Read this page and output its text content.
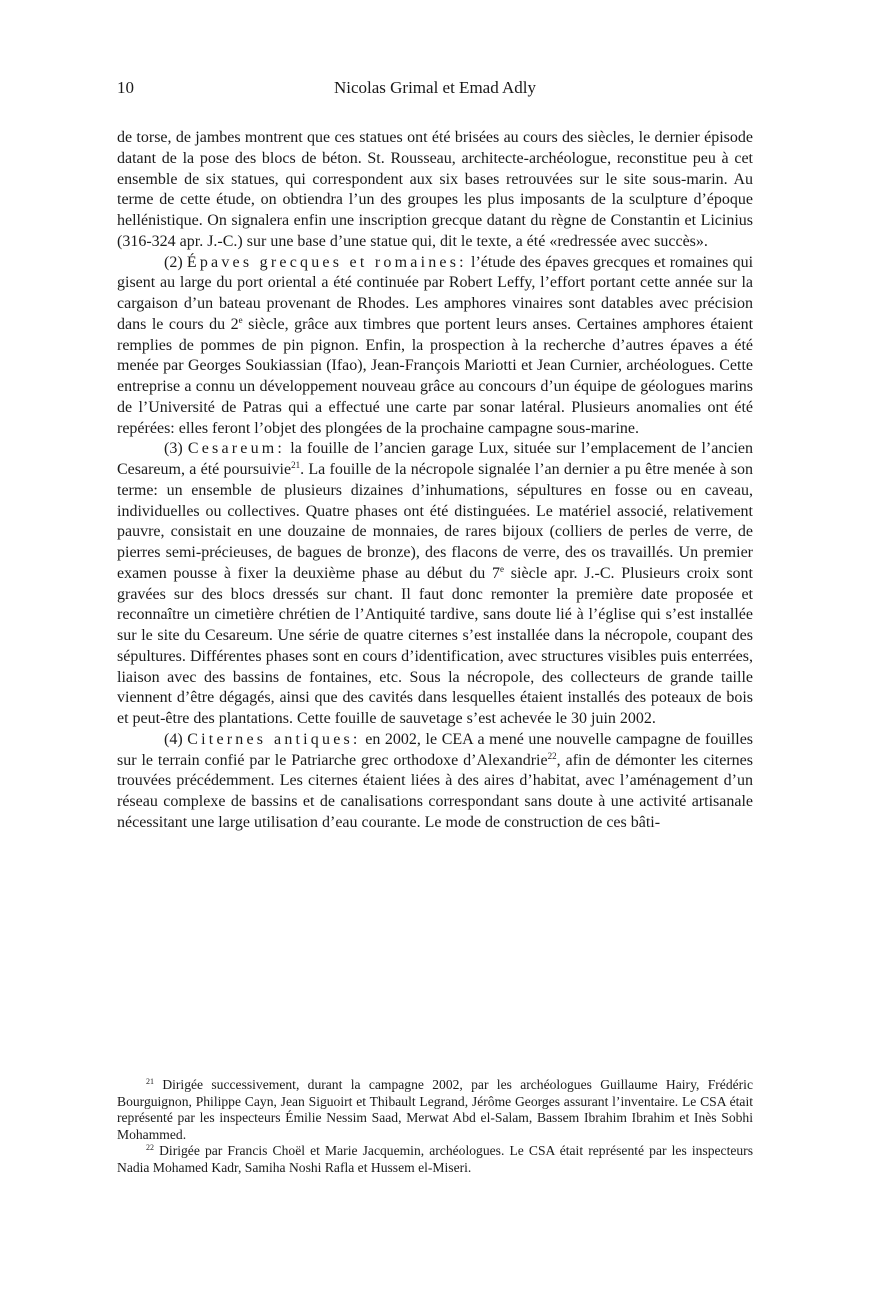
10	Nicolas Grimal et Emad Adly

de torse, de jambes montrent que ces statues ont été brisées au cours des siècles, le dernier épisode datant de la pose des blocs de béton. St. Rousseau, architecte-archéologue, reconstitue peu à cet ensemble de six statues, qui correspondent aux six bases retrouvées sur le site sous-marin. Au terme de cette étude, on obtiendra l’un des groupes les plus imposants de la sculpture d’époque hellénistique. On signalera enfin une inscription grecque datant du règne de Constantin et Licinius (316-324 apr. J.-C.) sur une base d’une statue qui, dit le texte, a été «redressée avec succès».

(2) Épaves grecques et romaines: l’étude des épaves grecques et romaines qui gisent au large du port oriental a été continuée par Robert Leffy, l’effort portant cette année sur la cargaison d’un bateau provenant de Rhodes. Les amphores vinaires sont datables avec précision dans le cours du 2e siècle, grâce aux timbres que portent leurs anses. Certaines amphores étaient remplies de pommes de pin pignon. Enfin, la prospection à la recherche d’autres épaves a été menée par Georges Soukiassian (Ifao), Jean-François Mariotti et Jean Curnier, archéologues. Cette entreprise a connu un développement nouveau grâce au concours d’un équipe de géologues marins de l’Université de Patras qui a effectué une carte par sonar latéral. Plusieurs anomalies ont été repérées: elles feront l’objet des plongées de la prochaine campagne sous-marine.

(3) Cesareum: la fouille de l’ancien garage Lux, située sur l’emplacement de l’ancien Cesareum, a été poursuivie$^{21}$. La fouille de la nécropole signalée l’an dernier a pu être menée à son terme: un ensemble de plusieurs dizaines d’inhumations, sépultures en fosse ou en caveau, individuelles ou collectives. Quatre phases ont été distinguées. Le matériel associé, relativement pauvre, consistait en une douzaine de monnaies, de rares bijoux (colliers de perles de verre, de pierres semi-précieuses, de bagues de bronze), des flacons de verre, des os travaillés. Un premier examen pousse à fixer la deuxième phase au début du 7e siècle apr. J.-C. Plusieurs croix sont gravées sur des blocs dressés sur chant. Il faut donc remonter la première date proposée et reconnaître un cimetière chrétien de l’Antiquité tardive, sans doute lié à l’église qui s’est installée sur le site du Cesareum. Une série de quatre citernes s’est installée dans la nécropole, coupant des sépultures. Différentes phases sont en cours d’identification, avec structures visibles puis enterrées, liaison avec des bassins de fontaines, etc. Sous la nécropole, des collecteurs de grande taille viennent d’être dégagés, ainsi que des cavités dans lesquelles étaient installés des poteaux de bois et peut-être des plantations. Cette fouille de sauvetage s’est achevée le 30 juin 2002.

(4) Citernes antiques: en 2002, le CEA a mené une nouvelle campagne de fouilles sur le terrain confié par le Patriarche grec orthodoxe d’Alexandrie$^{22}$, afin de démonter les citernes trouvées précédemment. Les citernes étaient liées à des aires d’habitat, avec l’aménagement d’un réseau complexe de bassins et de canalisations correspondant sans doute à une activité artisanale nécessitant une large utilisation d’eau courante. Le mode de construction de ces bâti-

$^{21}$ Dirigée successivement, durant la campagne 2002, par les archéologues Guillaume Hairy, Frédéric Bourguignon, Philippe Cayn, Jean Siguoirt et Thibault Legrand, Jérôme Georges assurant l’inventaire. Le CSA était représenté par les inspecteurs Émilie Nessim Saad, Merwat Abd el-Salam, Bassem Ibrahim Ibrahim et Inès Sobhi Mohammed.

$^{22}$ Dirigée par Francis Choël et Marie Jacquemin, archéologues. Le CSA était représenté par les inspecteurs Nadia Mohamed Kadr, Samiha Noshi Rafla et Hussem el-Miseri.
